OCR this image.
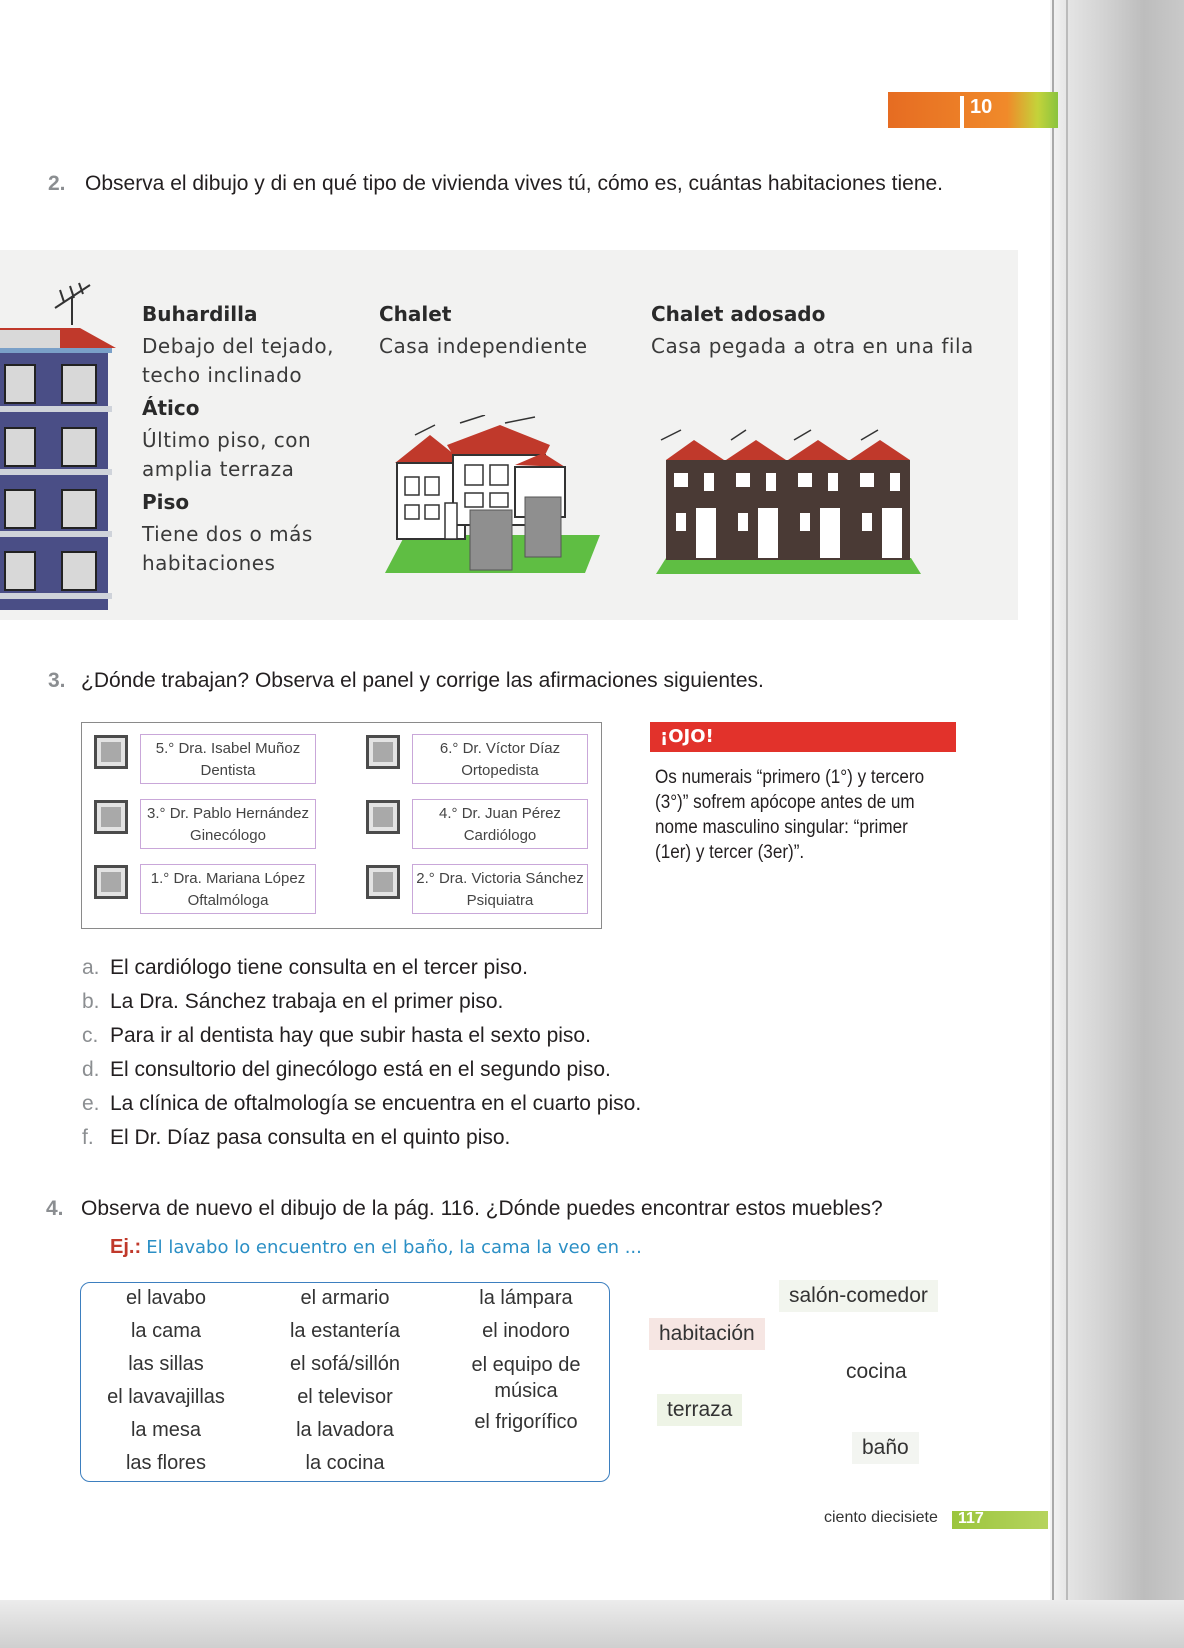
10
2. Observa el dibujo y di en qué tipo de vivienda vives tú, cómo es, cuántas habitaciones tiene.
Buhardilla
Debajo del tejado, techo inclinado
Ático
Último piso, con amplia terraza
Piso
Tiene dos o más habitaciones
Chalet
Casa independiente
Chalet adosado
Casa pegada a otra en una fila
3. ¿Dónde trabajan? Observa el panel y corrige las afirmaciones siguientes.
5.° Dra. Isabel Muñoz
Dentista
6.° Dr. Víctor Díaz
Ortopedista
3.° Dr. Pablo Hernández
Ginecólogo
4.° Dr. Juan Pérez
Cardiólogo
1.° Dra. Mariana López
Oftalmóloga
2.° Dra. Victoria Sánchez
Psiquiatra
¡OJO!
Os numerais “primero (1°) y tercero (3°)” sofrem apócope antes de um nome masculino singular: “primer (1er) y tercer (3er)”.
a. El cardiólogo tiene consulta en el tercer piso.
b. La Dra. Sánchez trabaja en el primer piso.
c. Para ir al dentista hay que subir hasta el sexto piso.
d. El consultorio del ginecólogo está en el segundo piso.
e. La clínica de oftalmología se encuentra en el cuarto piso.
f. El Dr. Díaz pasa consulta en el quinto piso.
4. Observa de nuevo el dibujo de la pág. 116. ¿Dónde puedes encontrar estos muebles?
Ej.: El lavabo lo encuentro en el baño, la cama la veo en ...
el lavabo
la cama
las sillas
el lavavajillas
la mesa
las flores
el armario
la estantería
el sofá/sillón
el televisor
la lavadora
la cocina
la lámpara
el inodoro
el equipo de
música
el frigorífico
salón-comedor
habitación
cocina
terraza
baño
ciento diecisiete 117
